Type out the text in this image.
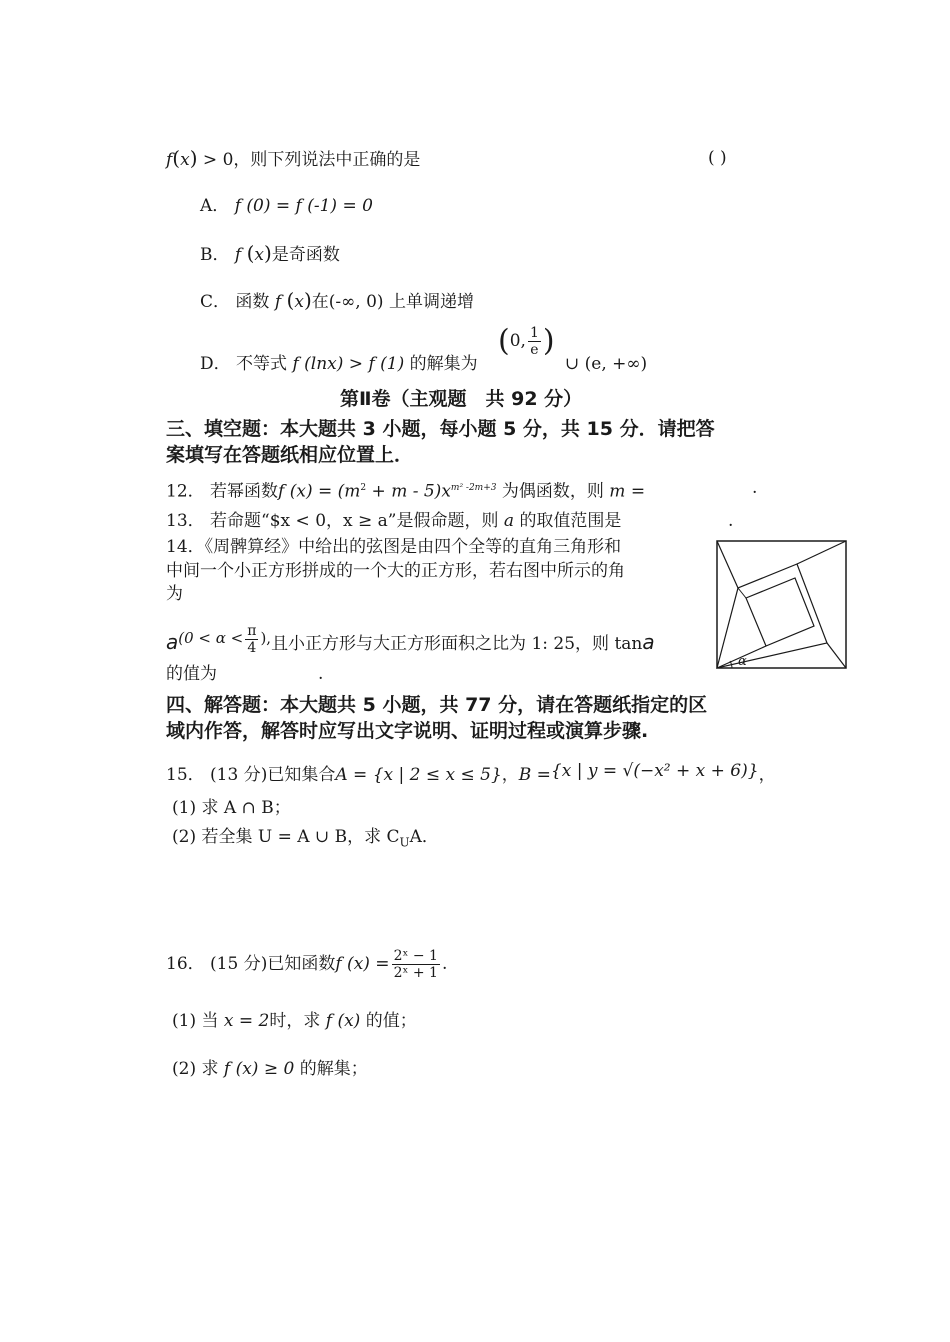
f(x) > 0，则下列说法中正确的是	( )
A． f (0) = f (-1) = 0
B． f (x)是奇函数
C． 函数 f (x)在(-∞, 0) 上单调递增
D． 不等式 f (lnx) > f (1) 的解集为
(0, $\frac{1}{e}$ )
∪ (e, +∞)
第Ⅱ卷（主观题　共 92 分）
三、填空题：本大题共 3 小题，每小题 5 分，共 15 分．请把答
案填写在答题纸相应位置上．
12． 若幂函数f $(x) = (m^2 + m - 5)x^{m^2 -2m+3}$ 为偶函数，则 m =	.
13． 若命题“$x < 0，x ≥ a”是假命题，则 a 的取值范围是	.
14．《周髀算经》中给出的弦图是由四个全等的直角三角形和
中间一个小正方形拼成的一个大的正方形，若右图中所示的角
为
$a(0 < \alpha < \frac{\pi}{4}$ ),且小正方形与大正方形面积之比为 1: 25，则 tana
的值为	.
α
四、解答题：本大题共 5 小题，共 77 分，请在答题纸指定的区
域内作答，解答时应写出文字说明、证明过程或演算步骤.
15． (13 分)已知集合A = {x | 2 ≤ x ≤ 5}，B ={x | y = √(−x² + x + 6)}，
(1) 求 A ∩ B；
(2) 若全集 U = A ∪ B，求 $C_UA$．
16． (15 分)已知函数f $(x) = \frac{\text{2ˣ − 1}}{\text{2ˣ + 1}}$ .
(1) 当 x = 2时，求 f (x) 的值；
(2) 求 f (x) ≥ 0 的解集；
